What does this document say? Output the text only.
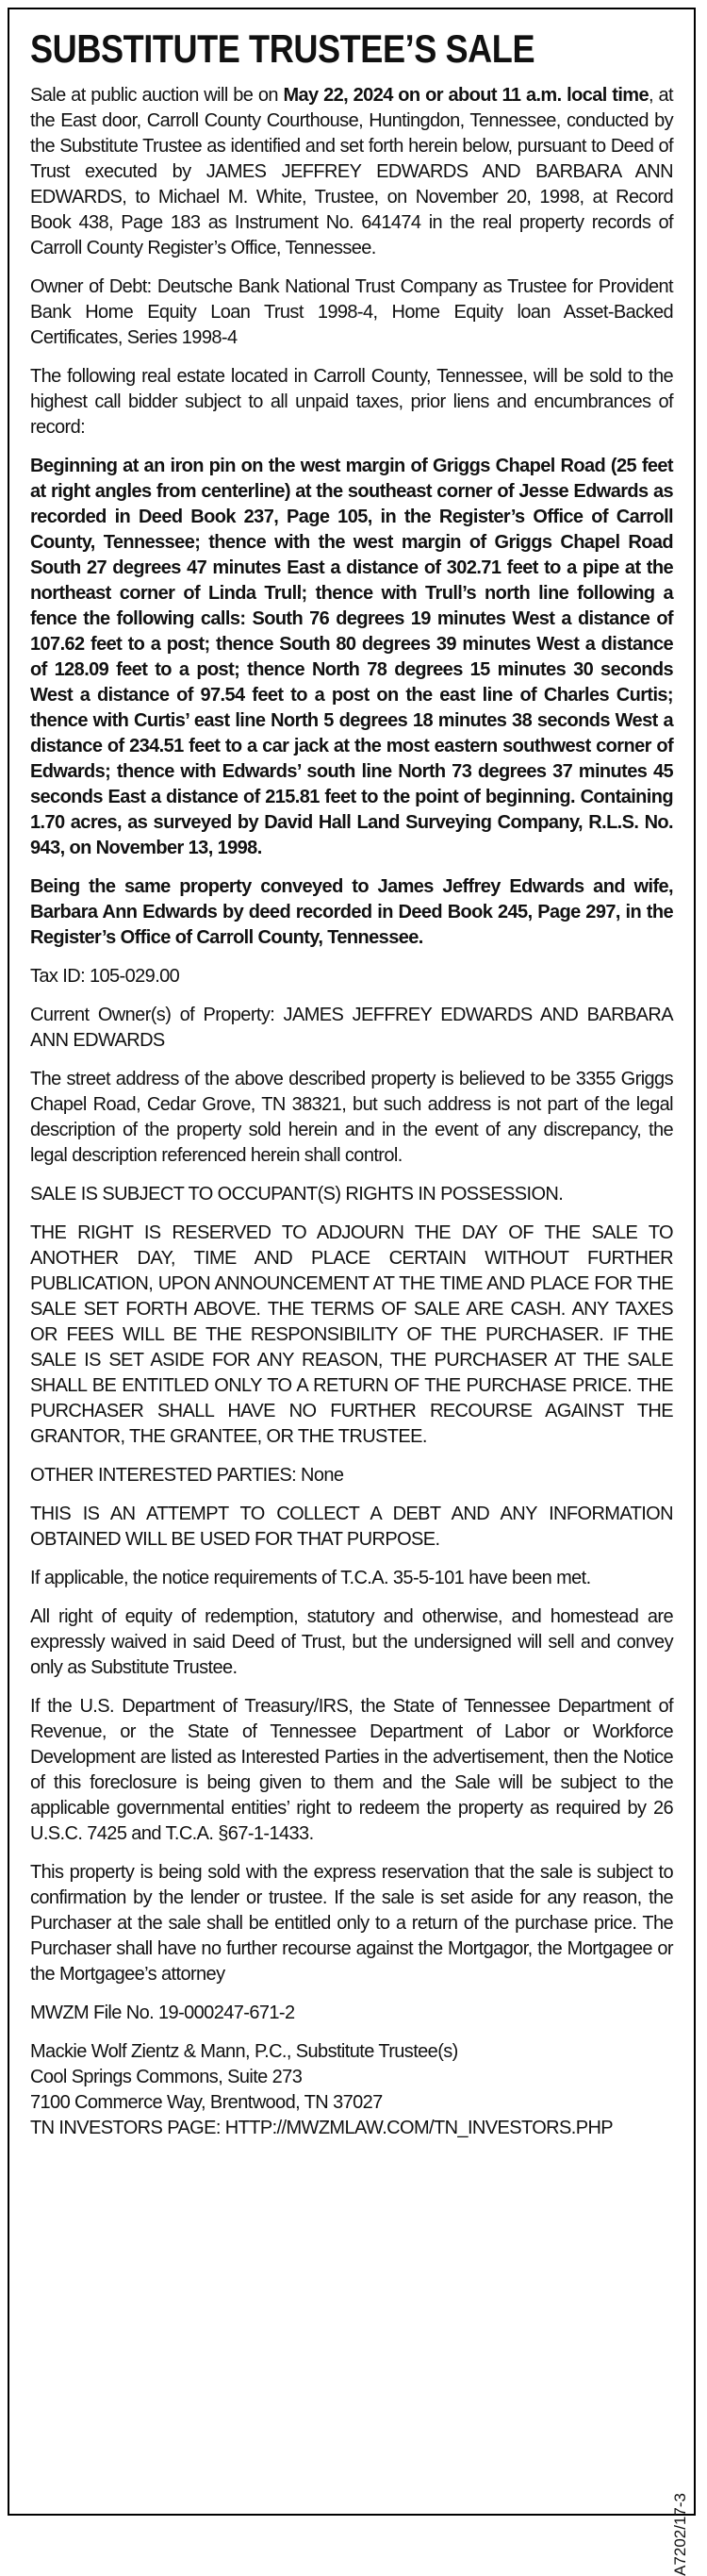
SUBSTITUTE TRUSTEE’S SALE

Sale at public auction will be on May 22, 2024 on or about 11 a.m. local time, at the East door, Carroll County Courthouse, Huntingdon, Tennessee, conducted by the Substitute Trustee as identified and set forth herein below, pursuant to Deed of Trust executed by JAMES JEFFREY EDWARDS AND BARBARA ANN EDWARDS, to Michael M. White, Trustee, on November 20, 1998, at Record Book 438, Page 183 as Instrument No. 641474 in the real property records of Carroll County Register’s Office, Tennessee.

Owner of Debt: Deutsche Bank National Trust Company as Trustee for Provident Bank Home Equity Loan Trust 1998-4, Home Equity loan Asset-Backed Certificates, Series 1998-4

The following real estate located in Carroll County, Tennessee, will be sold to the highest call bidder subject to all unpaid taxes, prior liens and encumbrances of record:

Beginning at an iron pin on the west margin of Griggs Chapel Road (25 feet at right angles from centerline) at the southeast corner of Jesse Edwards as recorded in Deed Book 237, Page 105, in the Register’s Office of Carroll County, Tennessee; thence with the west margin of Griggs Chapel Road South 27 degrees 47 minutes East a distance of 302.71 feet to a pipe at the northeast corner of Linda Trull; thence with Trull’s north line following a fence the following calls: South 76 degrees 19 minutes West a distance of 107.62 feet to a post; thence South 80 degrees 39 minutes West a distance of 128.09 feet to a post; thence North 78 degrees 15 minutes 30 seconds West a distance of 97.54 feet to a post on the east line of Charles Curtis; thence with Curtis’ east line North 5 degrees 18 minutes 38 seconds West a distance of 234.51 feet to a car jack at the most eastern southwest corner of Edwards; thence with Edwards’ south line North 73 degrees 37 minutes 45 seconds East a distance of 215.81 feet to the point of beginning. Containing 1.70 acres, as surveyed by David Hall Land Surveying Company, R.L.S. No. 943, on November 13, 1998.

Being the same property conveyed to James Jeffrey Edwards and wife, Barbara Ann Edwards by deed recorded in Deed Book 245, Page 297, in the Register’s Office of Carroll County, Tennessee.

Tax ID: 105-029.00

Current Owner(s) of Property: JAMES JEFFREY EDWARDS AND BARBARA ANN EDWARDS

The street address of the above described property is believed to be 3355 Griggs Chapel Road, Cedar Grove, TN 38321, but such address is not part of the legal description of the property sold herein and in the event of any discrepancy, the legal description referenced herein shall control.

SALE IS SUBJECT TO OCCUPANT(S) RIGHTS IN POSSESSION.

THE RIGHT IS RESERVED TO ADJOURN THE DAY OF THE SALE TO ANOTHER DAY, TIME AND PLACE CERTAIN WITHOUT FURTHER PUBLICATION, UPON ANNOUNCEMENT AT THE TIME AND PLACE FOR THE SALE SET FORTH ABOVE. THE TERMS OF SALE ARE CASH. ANY TAXES OR FEES WILL BE THE RESPONSIBILITY OF THE PURCHASER. IF THE SALE IS SET ASIDE FOR ANY REASON, THE PURCHASER AT THE SALE SHALL BE ENTITLED ONLY TO A RETURN OF THE PURCHASE PRICE. THE PURCHASER SHALL HAVE NO FURTHER RECOURSE AGAINST THE GRANTOR, THE GRANTEE, OR THE TRUSTEE.

OTHER INTERESTED PARTIES: None

THIS IS AN ATTEMPT TO COLLECT A DEBT AND ANY INFORMATION OBTAINED WILL BE USED FOR THAT PURPOSE.

If applicable, the notice requirements of T.C.A. 35-5-101 have been met.

All right of equity of redemption, statutory and otherwise, and homestead are expressly waived in said Deed of Trust, but the undersigned will sell and convey only as Substitute Trustee.

If the U.S. Department of Treasury/IRS, the State of Tennessee Department of Revenue, or the State of Tennessee Department of Labor or Workforce Development are listed as Interested Parties in the advertisement, then the Notice of this foreclosure is being given to them and the Sale will be subject to the applicable governmental entities’ right to redeem the property as required by 26 U.S.C. 7425 and T.C.A. §67-1-1433.

This property is being sold with the express reservation that the sale is subject to confirmation by the lender or trustee. If the sale is set aside for any reason, the Purchaser at the sale shall be entitled only to a return of the purchase price. The Purchaser shall have no further recourse against the Mortgagor, the Mortgagee or the Mortgagee’s attorney

MWZM File No. 19-000247-671-2

Mackie Wolf Zientz & Mann, P.C., Substitute Trustee(s)

Cool Springs Commons, Suite 273

7100 Commerce Way, Brentwood, TN 37027

TN INVESTORS PAGE: HTTP://MWZMLAW.COM/TN_INVESTORS.PHP

A7202/17-3
